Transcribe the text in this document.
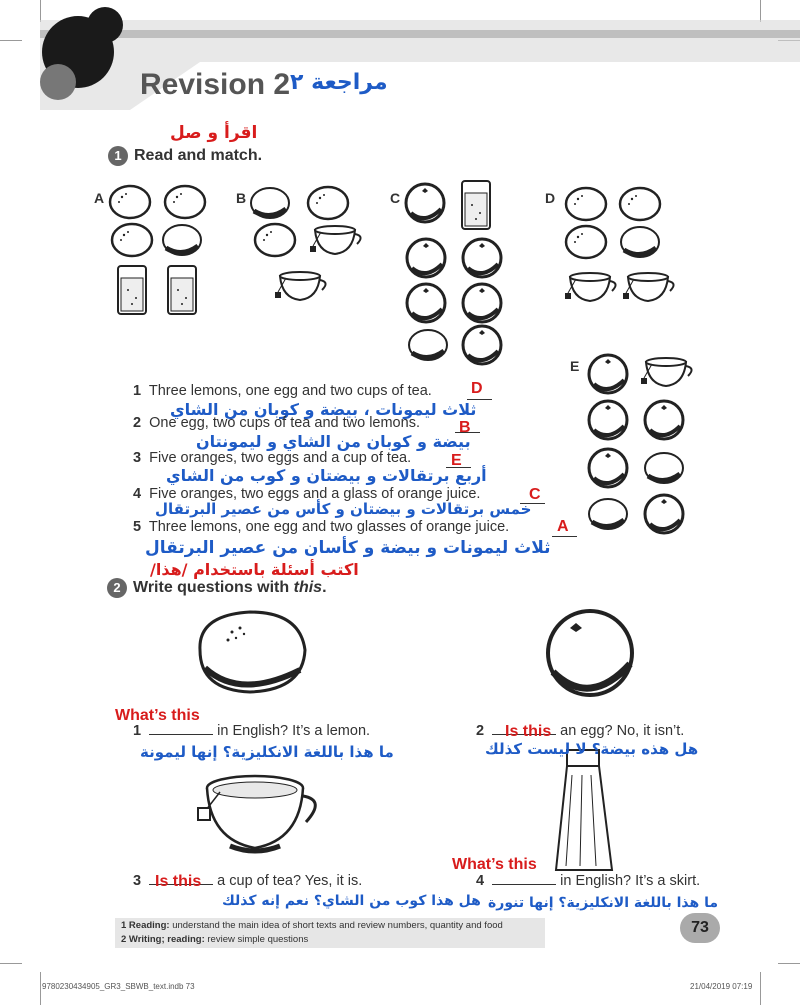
Revision 2 مراجعة ٢
اقرأ و صل
1 Read and match.
A	B	C	D
E
1 Three lemons, one egg and two cups of tea. D
ثلاث ليمونات ، بيضة و كوبان من الشاي
2 One egg, two cups of tea and two lemons. B
بيضة و كوبان من الشاي و ليمونتان
3 Five oranges, two eggs and a cup of tea. E
أربع برتقالات و بيضتان و كوب من الشاي
4 Five oranges, two eggs and a glass of orange juice.	C
خمس برتقالات و بيضتان و كأس من عصير البرتقال
5 Three lemons, one egg and two glasses of orange juice.	A
ثلاث ليمونات و بيضة و كأسان من عصير البرتقال
اكتب أسئلة باستخدام /هذا/
2 Write questions with this.
What’s this
1	in English? It’s a lemon.
ما هذا باللغة الانكليزية؟ إنها ليمونة
2	an egg? No, it isn’t.
Is this
هل هذه بيضة؟ لا ليست كذلك
3	a cup of tea? Yes, it is.
Is this
هل هذا كوب من الشاي؟ نعم إنه كذلك
What’s this
4	in English? It’s a skirt.
ما هذا باللغة الانكليزية؟ إنها تنورة
1 Reading: understand the main idea of short texts and review numbers, quantity and food
2 Writing; reading: review simple questions
73
9780230434905_GR3_SBWB_text.indb 73	21/04/2019 07:19
